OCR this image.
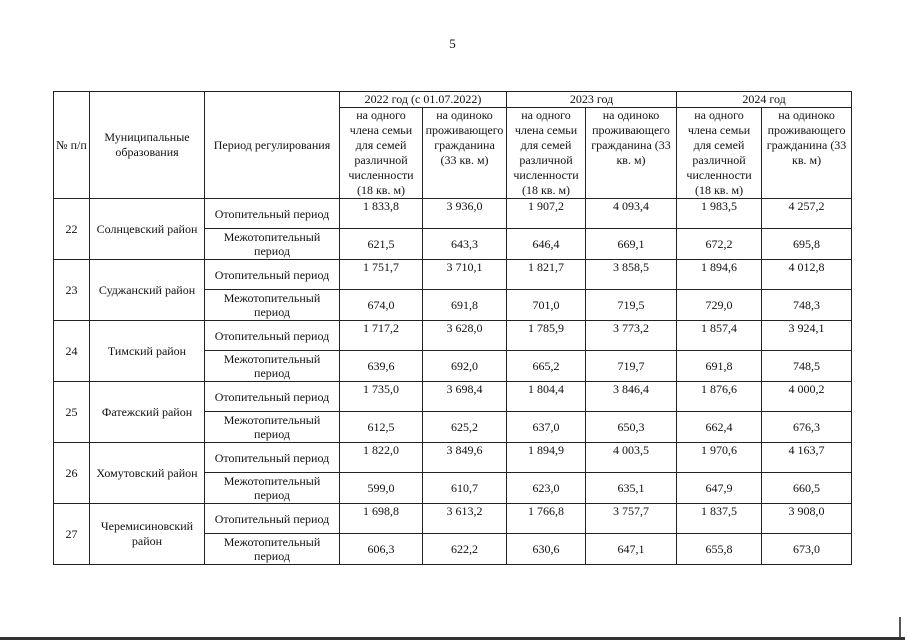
5
№ п/п	Муниципальные образования	Период регулирования	2022 год (с 01.07.2022)		2023 год		2024 год	
			на одного члена семьи для семей различной численности (18 кв. м)	на одиноко проживающего гражданина (33 кв. м)	на одного члена семьи для семей различной численности (18 кв. м)	на одиноко проживающего гражданина (33 кв. м)	на одного члена семьи для семей различной численности (18 кв. м)	на одиноко проживающего гражданина (33 кв. м)
22	Солнцевский район	Отопительный период	1 833,8	3 936,0	1 907,2	4 093,4	1 983,5	4 257,2
		Межотопительный период	621,5	643,3	646,4	669,1	672,2	695,8
23	Суджанский район	Отопительный период	1 751,7	3 710,1	1 821,7	3 858,5	1 894,6	4 012,8
		Межотопительный период	674,0	691,8	701,0	719,5	729,0	748,3
24	Тимский район	Отопительный период	1 717,2	3 628,0	1 785,9	3 773,2	1 857,4	3 924,1
		Межотопительный период	639,6	692,0	665,2	719,7	691,8	748,5
25	Фатежский район	Отопительный период	1 735,0	3 698,4	1 804,4	3 846,4	1 876,6	4 000,2
		Межотопительный период	612,5	625,2	637,0	650,3	662,4	676,3
26	Хомутовский район	Отопительный период	1 822,0	3 849,6	1 894,9	4 003,5	1 970,6	4 163,7
		Межотопительный период	599,0	610,7	623,0	635,1	647,9	660,5
27	Черемисиновский район	Отопительный период	1 698,8	3 613,2	1 766,8	3 757,7	1 837,5	3 908,0
		Межотопительный период	606,3	622,2	630,6	647,1	655,8	673,0
